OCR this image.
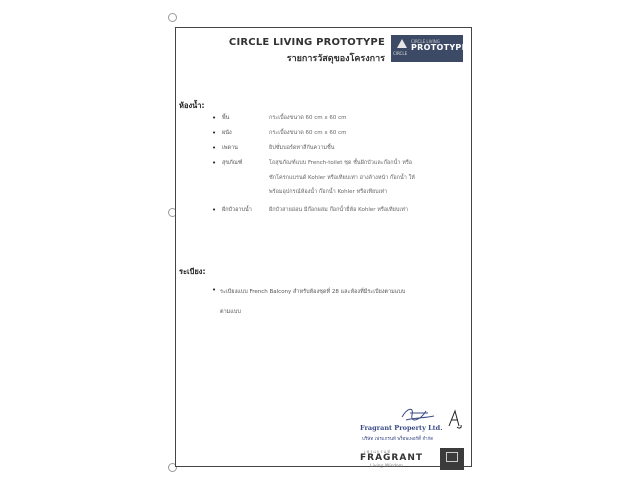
CIRCLE LIVING PROTOTYPE
รายการวัสดุของโครงการ
CIRCLE
CIRCLE LIVING
PROTOTYPE
ห้องน้ำ:
• พื้น	กระเบื้องขนาด 60 cm x 60 cm
• ผนัง	กระเบื้องขนาด 60 cm x 60 cm
• เพดาน	ยิปซั่มบอร์ดทาสีกันความชื้น
• สุขภัณฑ์	โถสุขภัณฑ์แบบ French-toilet ชุด ชั้นฝักบัวและก๊อกน้ำ หรือ
ชักโครกแบรนด์ Kohler หรือเทียบเท่า อ่างล้างหน้า ก๊อกน้ำ ให้
พร้อมอุปกรณ์ห้องน้ำ ก๊อกน้ำ Kohler หรือเทียบเท่า
• ฝักบัวอาบน้ำ	ฝักบัวสายอ่อน มีก๊อกผสม ก๊อกน้ำยี่ห้อ Kohler หรือเทียบเท่า
ระเบียง:
• ระเบียงแบบ French Balcony สำหรับห้องชุดที่ 28 และห้องที่มีระเบียงตามแบบ
ตามแบบ
Fragrant Property Ltd.
บริษัท เฟรแกรนท์ พร็อพเพอร์ตี้ จำกัด
เฟรแกรนท์
FRAGRANT
Living Wisdom
